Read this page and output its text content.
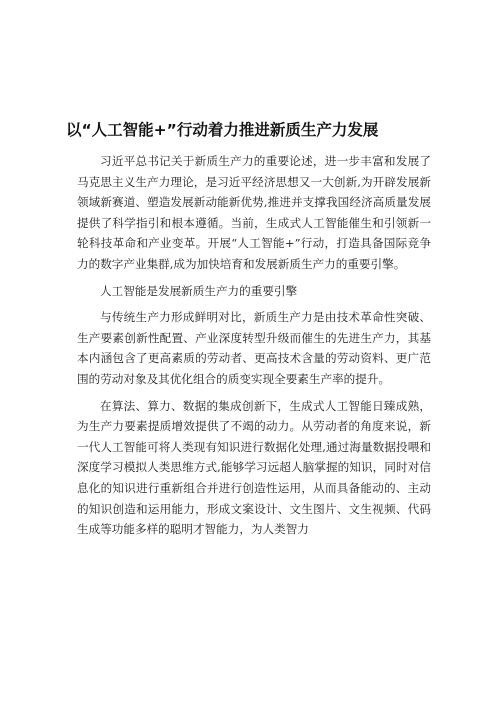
以“人工智能+”行动着力推进新质生产力发展

习近平总书记关于新质生产力的重要论述，进一步丰富和发展了马克思主义生产力理论，是习近平经济思想又一大创新,为开辟发展新领域新赛道、塑造发展新动能新优势,推进并支撑我国经济高质量发展提供了科学指引和根本遵循。当前，生成式人工智能催生和引领新一轮科技革命和产业变革。开展“人工智能+”行动，打造具备国际竞争力的数字产业集群,成为加快培育和发展新质生产力的重要引擎。

人工智能是发展新质生产力的重要引擎

与传统生产力形成鲜明对比，新质生产力是由技术革命性突破、生产要素创新性配置、产业深度转型升级而催生的先进生产力，其基本内涵包含了更高素质的劳动者、更高技术含量的劳动资料、更广范围的劳动对象及其优化组合的质变实现全要素生产率的提升。

在算法、算力、数据的集成创新下，生成式人工智能日臻成熟，为生产力要素提质增效提供了不竭的动力。从劳动者的角度来说，新一代人工智能可将人类现有知识进行数据化处理,通过海量数据投喂和深度学习模拟人类思维方式,能够学习远超人脑掌握的知识，同时对信息化的知识进行重新组合并进行创造性运用，从而具备能动的、主动的知识创造和运用能力，形成文案设计、文生图片、文生视频、代码生成等功能多样的聪明才智能力，为人类智力
